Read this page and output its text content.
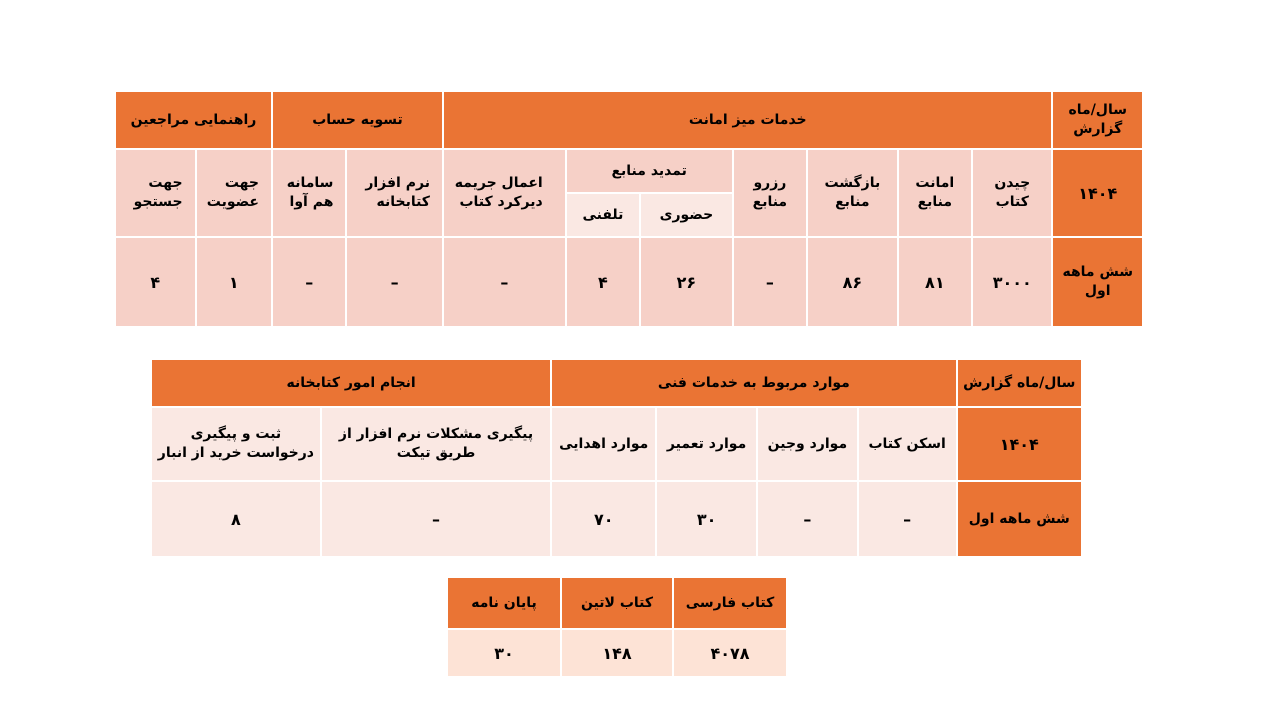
سال/ماه گزارش	خدمات میز امانت							تسویه حساب		راهنمایی مراجعین	
۱۴۰۴	چیدن کتاب	امانت منابع	بازگشت منابع	رزرو منابع	تمدید منابع		اعمال جریمه دیرکرد کتاب	نرم افزار کتابخانه	سامانه هم آوا	جهت عضویت	جهت جستجو
					حضوری	تلفنی					
شش ماهه اول	۳۰۰۰	۸۱	۸۶	–	۲۶	۴	–	–	–	۱	۴
سال/ماه گزارش	موارد مربوط به خدمات فنی				انجام امور کتابخانه	
۱۴۰۴	اسکن کتاب	موارد وجین	موارد تعمیر	موارد اهدایی	پیگیری مشکلات نرم افزار از طریق تیکت	ثبت و پیگیری درخواست خرید از انبار
شش ماهه اول	–	–	۳۰	۷۰	–	۸
کتاب فارسی	کتاب لاتین	پایان نامه
۴۰۷۸	۱۴۸	۳۰
